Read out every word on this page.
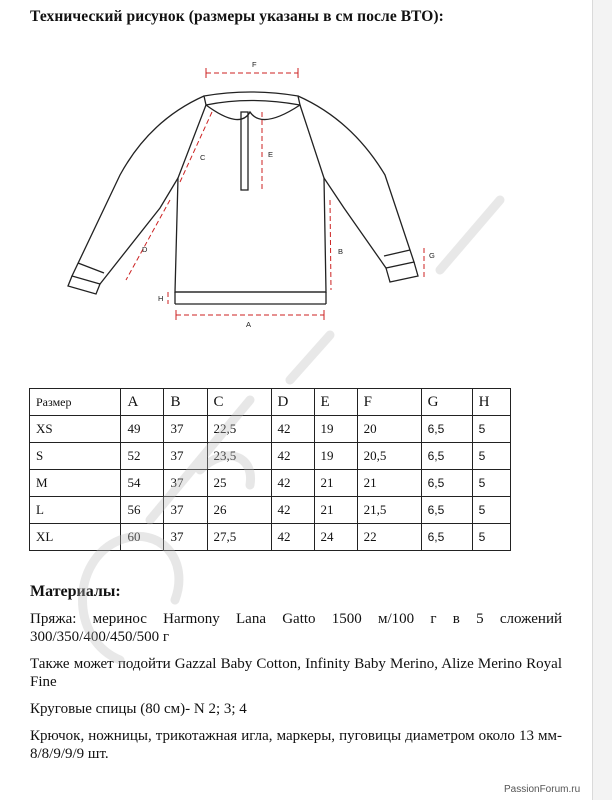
Технический рисунок (размеры указаны в см после ВТО):
F
C	E
D	B	G
H
A
Размер	A	B	C	D	E	F	G	H
XS	49	37	22,5	42	19	20	6,5	5
S	52	37	23,5	42	19	20,5	6,5	5
M	54	37	25	42	21	21	6,5	5
L	56	37	26	42	21	21,5	6,5	5
XL	60	37	27,5	42	24	22	6,5	5
Материалы:

Пряжа: меринос Harmony Lana Gatto 1500 м/100 г в 5 сложений 300/350/400/450/500 г

Также может подойти Gazzal Baby Cotton, Infinity Baby Merino, Alize Merino Royal Fine

Круговые спицы (80 см)- N 2; 3; 4

Крючок, ножницы, трикотажная игла, маркеры, пуговицы диаметром около 13 мм- 8/8/9/9/9 шт.

PassionForum.ru
